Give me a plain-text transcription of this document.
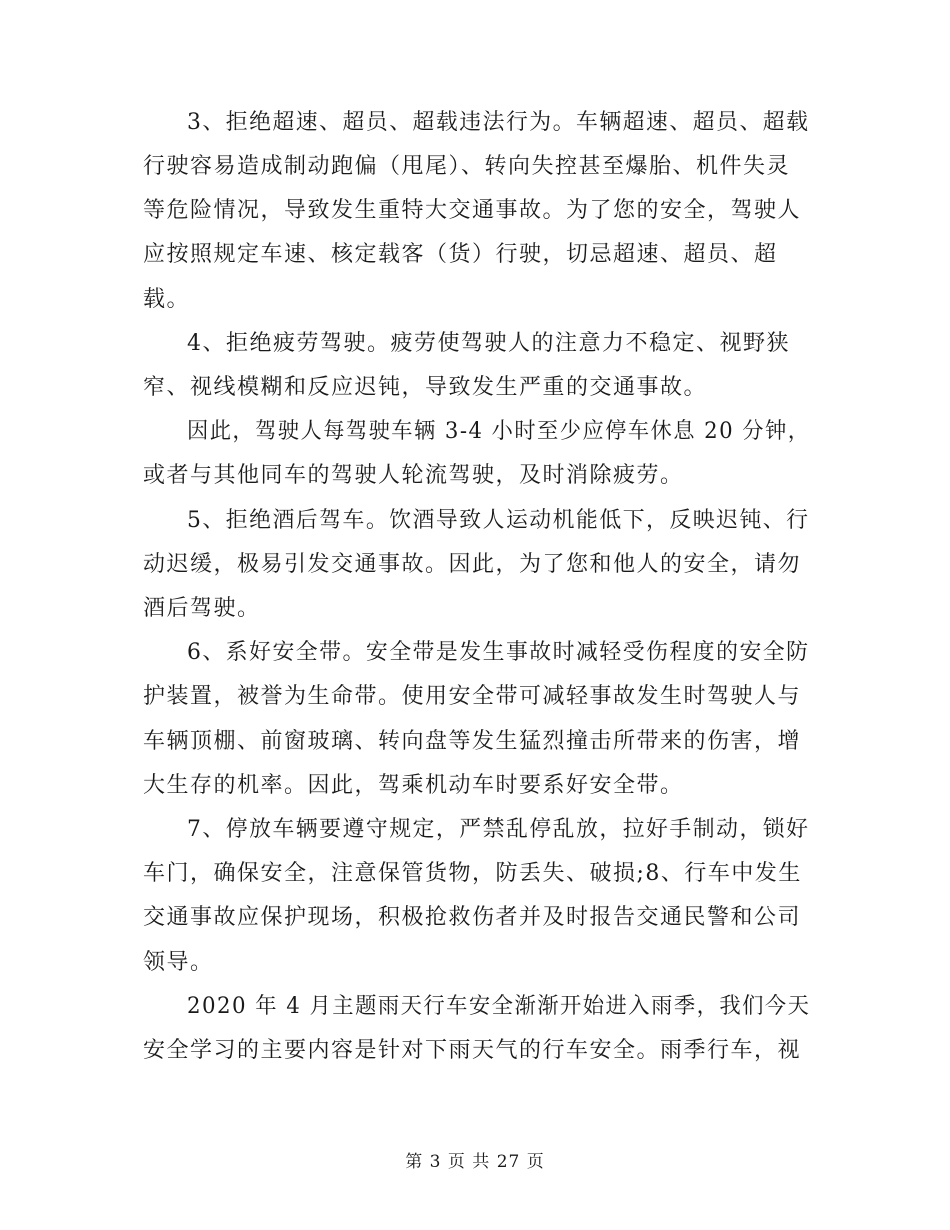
3、拒绝超速、超员、超载违法行为。车辆超速、超员、超载
行驶容易造成制动跑偏（甩尾）、转向失控甚至爆胎、机件失灵
等危险情况，导致发生重特大交通事故。为了您的安全，驾驶人
应按照规定车速、核定载客（货）行驶，切忌超速、超员、超
载。
4、拒绝疲劳驾驶。疲劳使驾驶人的注意力不稳定、视野狭
窄、视线模糊和反应迟钝，导致发生严重的交通事故。
因此，驾驶人每驾驶车辆 3-4 小时至少应停车休息 20 分钟，
或者与其他同车的驾驶人轮流驾驶，及时消除疲劳。
5、拒绝酒后驾车。饮酒导致人运动机能低下，反映迟钝、行
动迟缓，极易引发交通事故。因此，为了您和他人的安全，请勿
酒后驾驶。
6、系好安全带。安全带是发生事故时减轻受伤程度的安全防
护装置，被誉为生命带。使用安全带可减轻事故发生时驾驶人与
车辆顶棚、前窗玻璃、转向盘等发生猛烈撞击所带来的伤害，增
大生存的机率。因此，驾乘机动车时要系好安全带。
7、停放车辆要遵守规定，严禁乱停乱放，拉好手制动，锁好
车门，确保安全，注意保管货物，防丢失、破损;8、行车中发生
交通事故应保护现场，积极抢救伤者并及时报告交通民警和公司
领导。
2020 年 4 月主题雨天行车安全渐渐开始进入雨季，我们今天
安全学习的主要内容是针对下雨天气的行车安全。雨季行车，视
第 3 页 共 27 页
